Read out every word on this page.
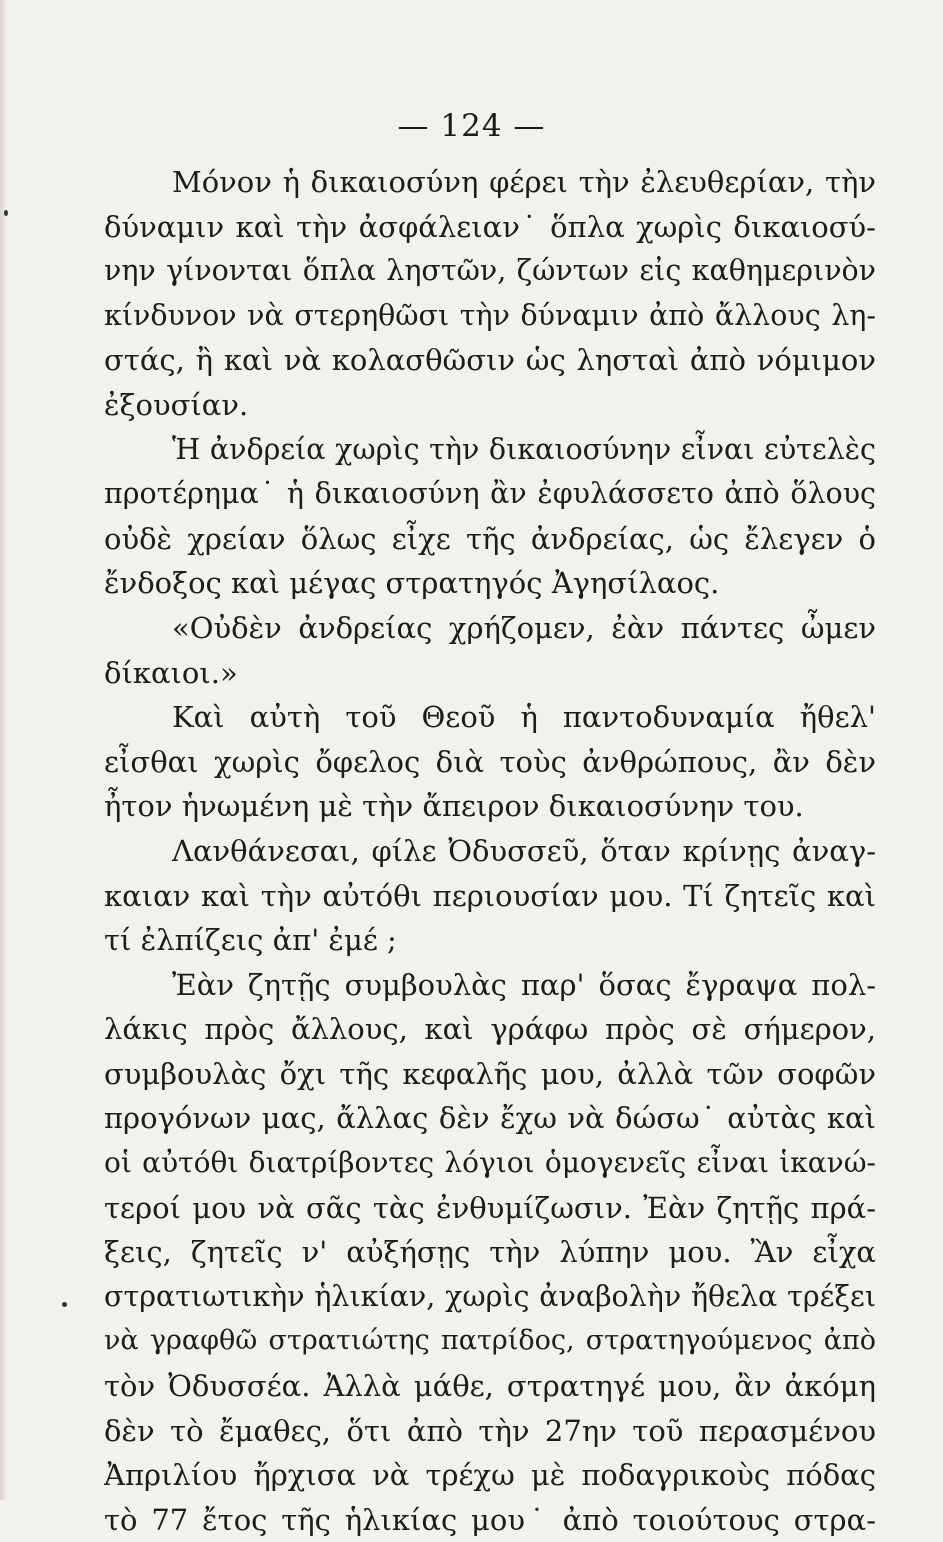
— 124 —
Μόνον ἡ δικαιοσύνη φέρει τὴν ἐλευθερίαν, τὴν
δύναμιν καὶ τὴν ἀσφάλειαν˙ ὅπλα χωρὶς δικαιοσύ-
νην γίνονται ὅπλα ληστῶν, ζώντων εἰς καθημερινὸν
κίνδυνον νὰ στερηθῶσι τὴν δύναμιν ἀπὸ ἄλλους λη-
στάς, ἢ καὶ νὰ κολασθῶσιν ὡς λησταὶ ἀπὸ νόμιμον
ἐξουσίαν.
Ἡ ἀνδρεία χωρὶς τὴν δικαιοσύνην εἶναι εὐτελὲς
προτέρημα˙ ἡ δικαιοσύνη ἂν ἐφυλάσσετο ἀπὸ ὅλους
οὐδὲ χρείαν ὅλως εἶχε τῆς ἀνδρείας, ὡς ἔλεγεν ὁ
ἔνδοξος καὶ μέγας στρατηγός Ἀγησίλαος.
«Οὐδὲν ἀνδρείας χρήζομεν, ἐὰν πάντες ὦμεν
δίκαιοι.»
Καὶ αὐτὴ τοῦ Θεοῦ ἡ παντοδυναμία ἤθελ'
εἶσθαι χωρὶς ὄφελος διὰ τοὺς ἀνθρώπους, ἂν δὲν
ἦτον ἡνωμένη μὲ τὴν ἄπειρον δικαιοσύνην του.
Λανθάνεσαι, φίλε Ὀδυσσεῦ, ὅταν κρίνῃς ἀναγ-
καιαν καὶ τὴν αὐτόθι περιουσίαν μου. Τί ζητεῖς καὶ
τί ἐλπίζεις ἀπ' ἐμέ ;
Ἐὰν ζητῇς συμβουλὰς παρ' ὅσας ἔγραψα πολ-
λάκις πρὸς ἄλλους, καὶ γράφω πρὸς σὲ σήμερον,
συμβουλὰς ὄχι τῆς κεφαλῆς μου, ἀλλὰ τῶν σοφῶν
προγόνων μας, ἄλλας δὲν ἔχω νὰ δώσω˙ αὐτὰς καὶ
οἱ αὐτόθι διατρίβοντες λόγιοι ὁμογενεῖς εἶναι ἱκανώ-
τεροί μου νὰ σᾶς τὰς ἐνθυμίζωσιν. Ἐὰν ζητῇς πρά-
ξεις, ζητεῖς ν' αὐξήσῃς τὴν λύπην μου. Ἂν εἶχα
στρατιωτικὴν ἡλικίαν, χωρὶς ἀναβολὴν ἤθελα τρέξει
νὰ γραφθῶ στρατιώτης πατρίδος, στρατηγούμενος ἀπὸ
τὸν Ὀδυσσέα. Ἀλλὰ μάθε, στρατηγέ μου, ἂν ἀκόμη
δὲν τὸ ἔμαθες, ὅτι ἀπὸ τὴν 27ην τοῦ περασμένου
Ἀπριλίου ἤρχισα νὰ τρέχω μὲ ποδαγρικοὺς πόδας
τὸ 77 ἔτος τῆς ἡλικίας μου˙ ἀπὸ τοιούτους στρα-
